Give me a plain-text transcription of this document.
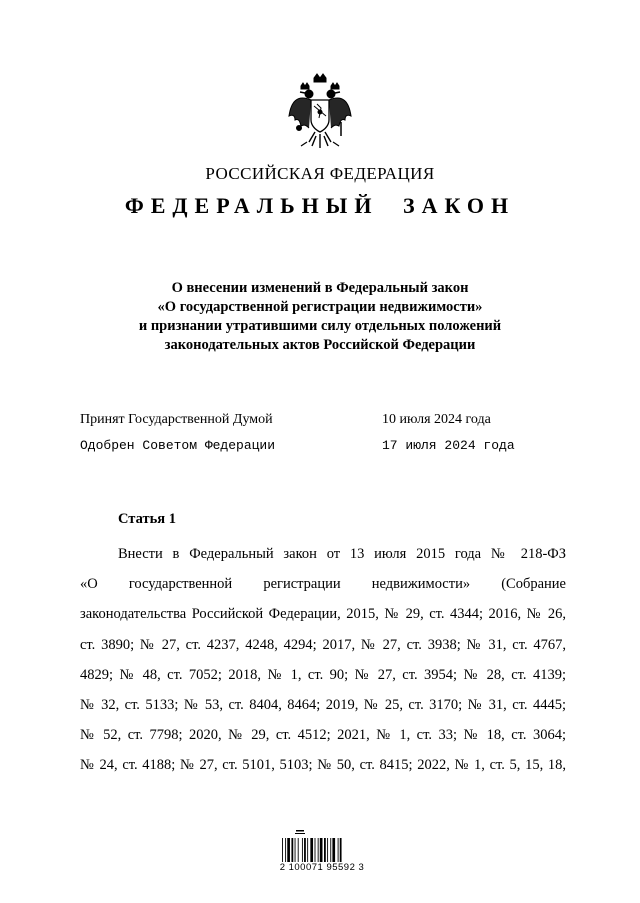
РОССИЙСКАЯ ФЕДЕРАЦИЯ
ФЕДЕРАЛЬНЫЙ ЗАКОН
О внесении изменений в Федеральный закон
«О государственной регистрации недвижимости»
и признании утратившими силу отдельных положений
законодательных актов Российской Федерации
Принят Государственной Думой	10 июля 2024 года
Одобрен Советом Федерации	17 июля 2024 года
Статья 1
Внести в Федеральный закон от 13 июля 2015 года № 218-ФЗ
«О государственной регистрации недвижимости» (Собрание
законодательства Российской Федерации, 2015, № 29, ст. 4344; 2016, № 26,
ст. 3890; № 27, ст. 4237, 4248, 4294; 2017, № 27, ст. 3938; № 31, ст. 4767,
4829; № 48, ст. 7052; 2018, № 1, ст. 90; № 27, ст. 3954; № 28, ст. 4139;
№ 32, ст. 5133; № 53, ст. 8404, 8464; 2019, № 25, ст. 3170; № 31, ст. 4445;
№ 52, ст. 7798; 2020, № 29, ст. 4512; 2021, № 1, ст. 33; № 18, ст. 3064;
№ 24, ст. 4188; № 27, ст. 5101, 5103; № 50, ст. 8415; 2022, № 1, ст. 5, 15, 18,
2 100071 95592 3
